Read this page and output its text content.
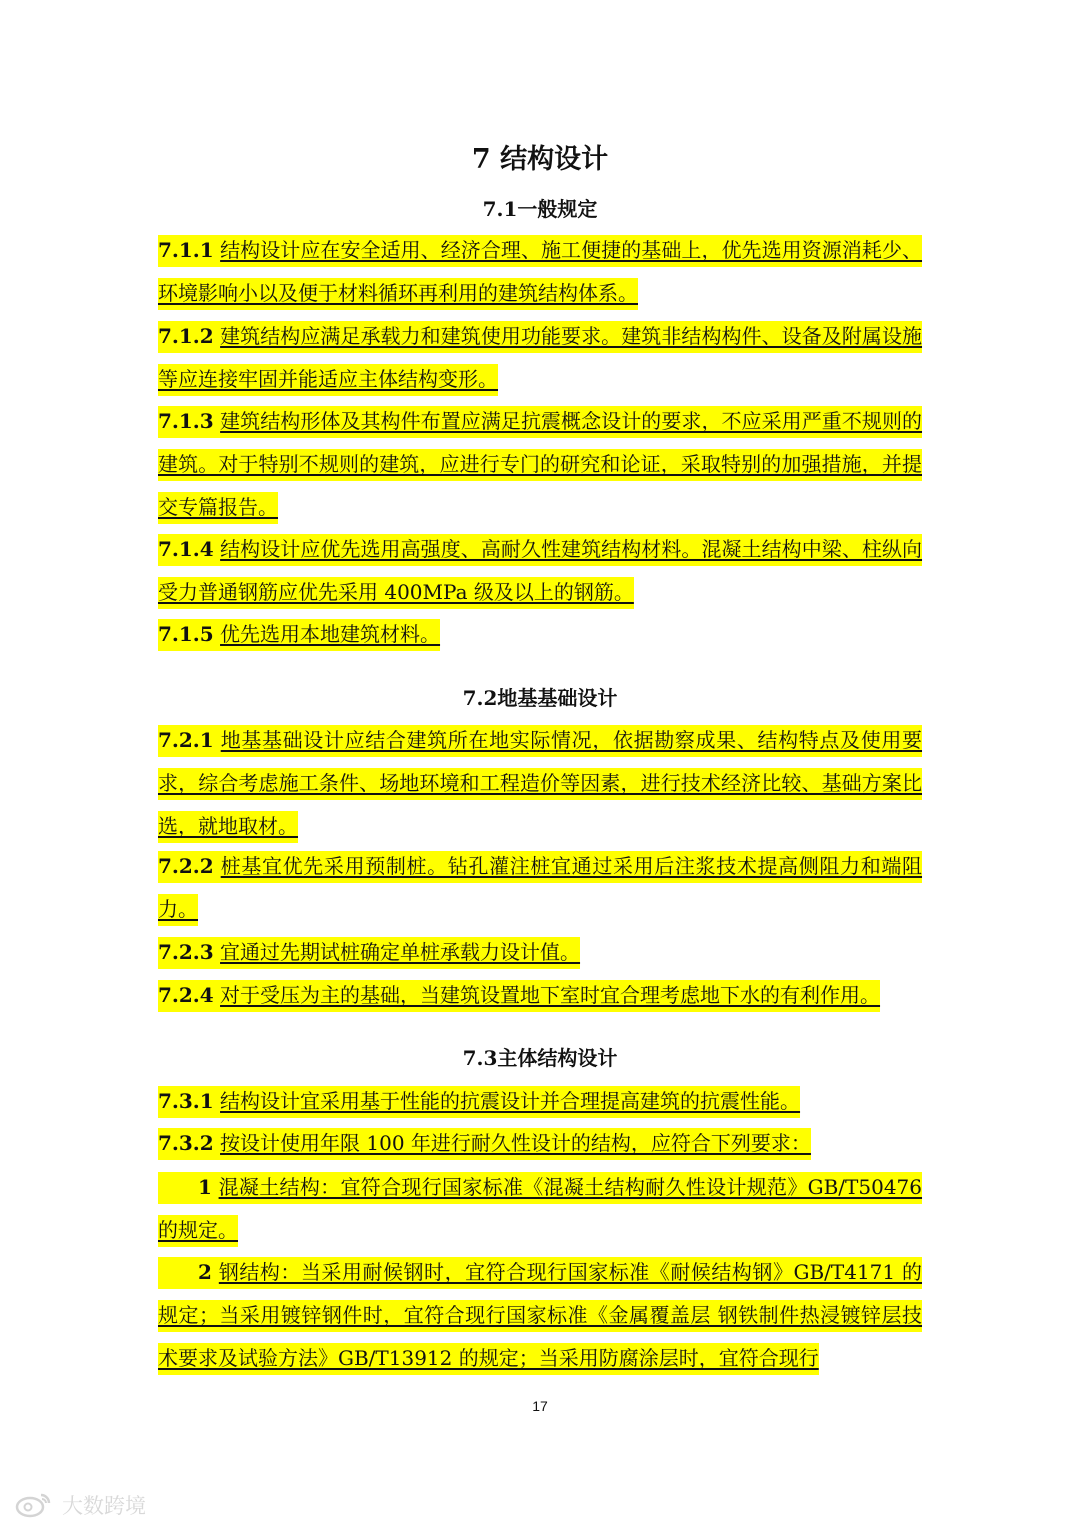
7 结构设计
7.1一般规定
7.1.1 结构设计应在安全适用、经济合理、施工便捷的基础上，优先选用资源消耗少、环境影响小以及便于材料循环再利用的建筑结构体系。
7.1.2 建筑结构应满足承载力和建筑使用功能要求。建筑非结构构件、设备及附属设施等应连接牢固并能适应主体结构变形。
7.1.3 建筑结构形体及其构件布置应满足抗震概念设计的要求，不应采用严重不规则的建筑。对于特别不规则的建筑，应进行专门的研究和论证，采取特别的加强措施，并提交专篇报告。
7.1.4 结构设计应优先选用高强度、高耐久性建筑结构材料。混凝土结构中梁、柱纵向受力普通钢筋应优先采用 400MPa 级及以上的钢筋。
7.1.5 优先选用本地建筑材料。
7.2地基基础设计
7.2.1 地基基础设计应结合建筑所在地实际情况，依据勘察成果、结构特点及使用要求，综合考虑施工条件、场地环境和工程造价等因素，进行技术经济比较、基础方案比选，就地取材。
7.2.2 桩基宜优先采用预制桩。钻孔灌注桩宜通过采用后注浆技术提高侧阻力和端阻力。
7.2.3 宜通过先期试桩确定单桩承载力设计值。
7.2.4 对于受压为主的基础，当建筑设置地下室时宜合理考虑地下水的有利作用。
7.3主体结构设计
7.3.1 结构设计宜采用基于性能的抗震设计并合理提高建筑的抗震性能。
7.3.2 按设计使用年限 100 年进行耐久性设计的结构，应符合下列要求：
1 混凝土结构：宜符合现行国家标准《混凝土结构耐久性设计规范》GB/T50476 的规定。
2 钢结构：当采用耐候钢时，宜符合现行国家标准《耐候结构钢》GB/T4171 的规定；当采用镀锌钢件时，宜符合现行国家标准《金属覆盖层 钢铁制件热浸镀锌层技术要求及试验方法》GB/T13912 的规定；当采用防腐涂层时，宜符合现行
17
大数跨境
